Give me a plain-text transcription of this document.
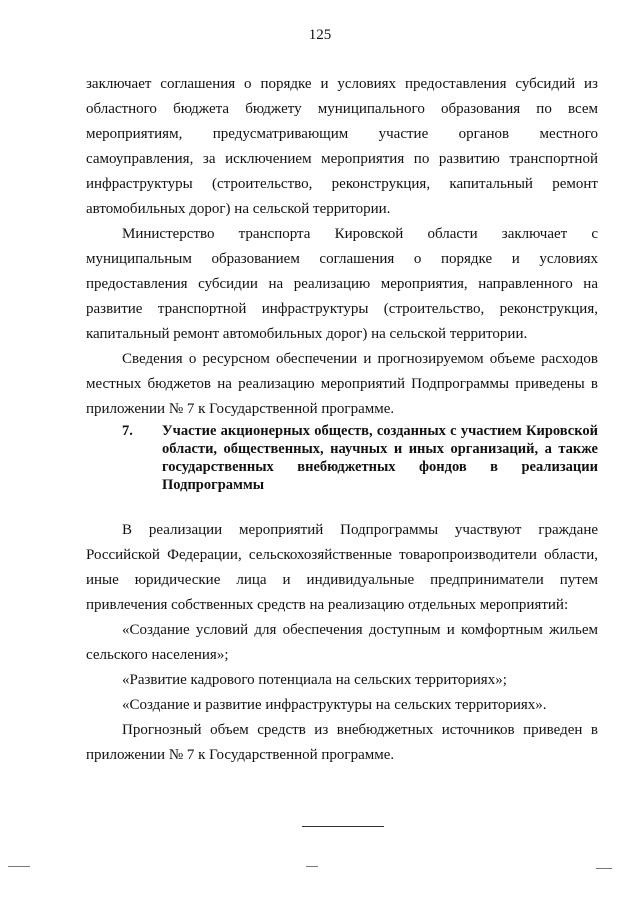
125

заключает соглашения о порядке и условиях предоставления субсидий из областного бюджета бюджету муниципального образования по всем мероприятиям, предусматривающим участие органов местного самоуправления, за исключением мероприятия по развитию транспортной инфраструктуры (строительство, реконструкция, капитальный ремонт автомобильных дорог) на сельской территории.

Министерство транспорта Кировской области заключает с муниципальным образованием соглашения о порядке и условиях предоставления субсидии на реализацию мероприятия, направленного на развитие транспортной инфраструктуры (строительство, реконструкция, капитальный ремонт автомобильных дорог) на сельской территории.

Сведения о ресурсном обеспечении и прогнозируемом объеме расходов местных бюджетов на реализацию мероприятий Подпрограммы приведены в приложении № 7 к Государственной программе.

7.	Участие акционерных обществ, созданных с участием Кировской области, общественных, научных и иных организаций, а также государственных внебюджетных фондов в реализации Подпрограммы

В реализации мероприятий Подпрограммы участвуют граждане Российской Федерации, сельскохозяйственные товаропроизводители области, иные юридические лица и индивидуальные предприниматели путем привлечения собственных средств на реализацию отдельных мероприятий:

«Создание условий для обеспечения доступным и комфортным жильем сельского населения»;

«Развитие кадрового потенциала на сельских территориях»;

«Создание и развитие инфраструктуры на сельских территориях».

Прогнозный объем средств из внебюджетных источников приведен в приложении № 7 к Государственной программе.
